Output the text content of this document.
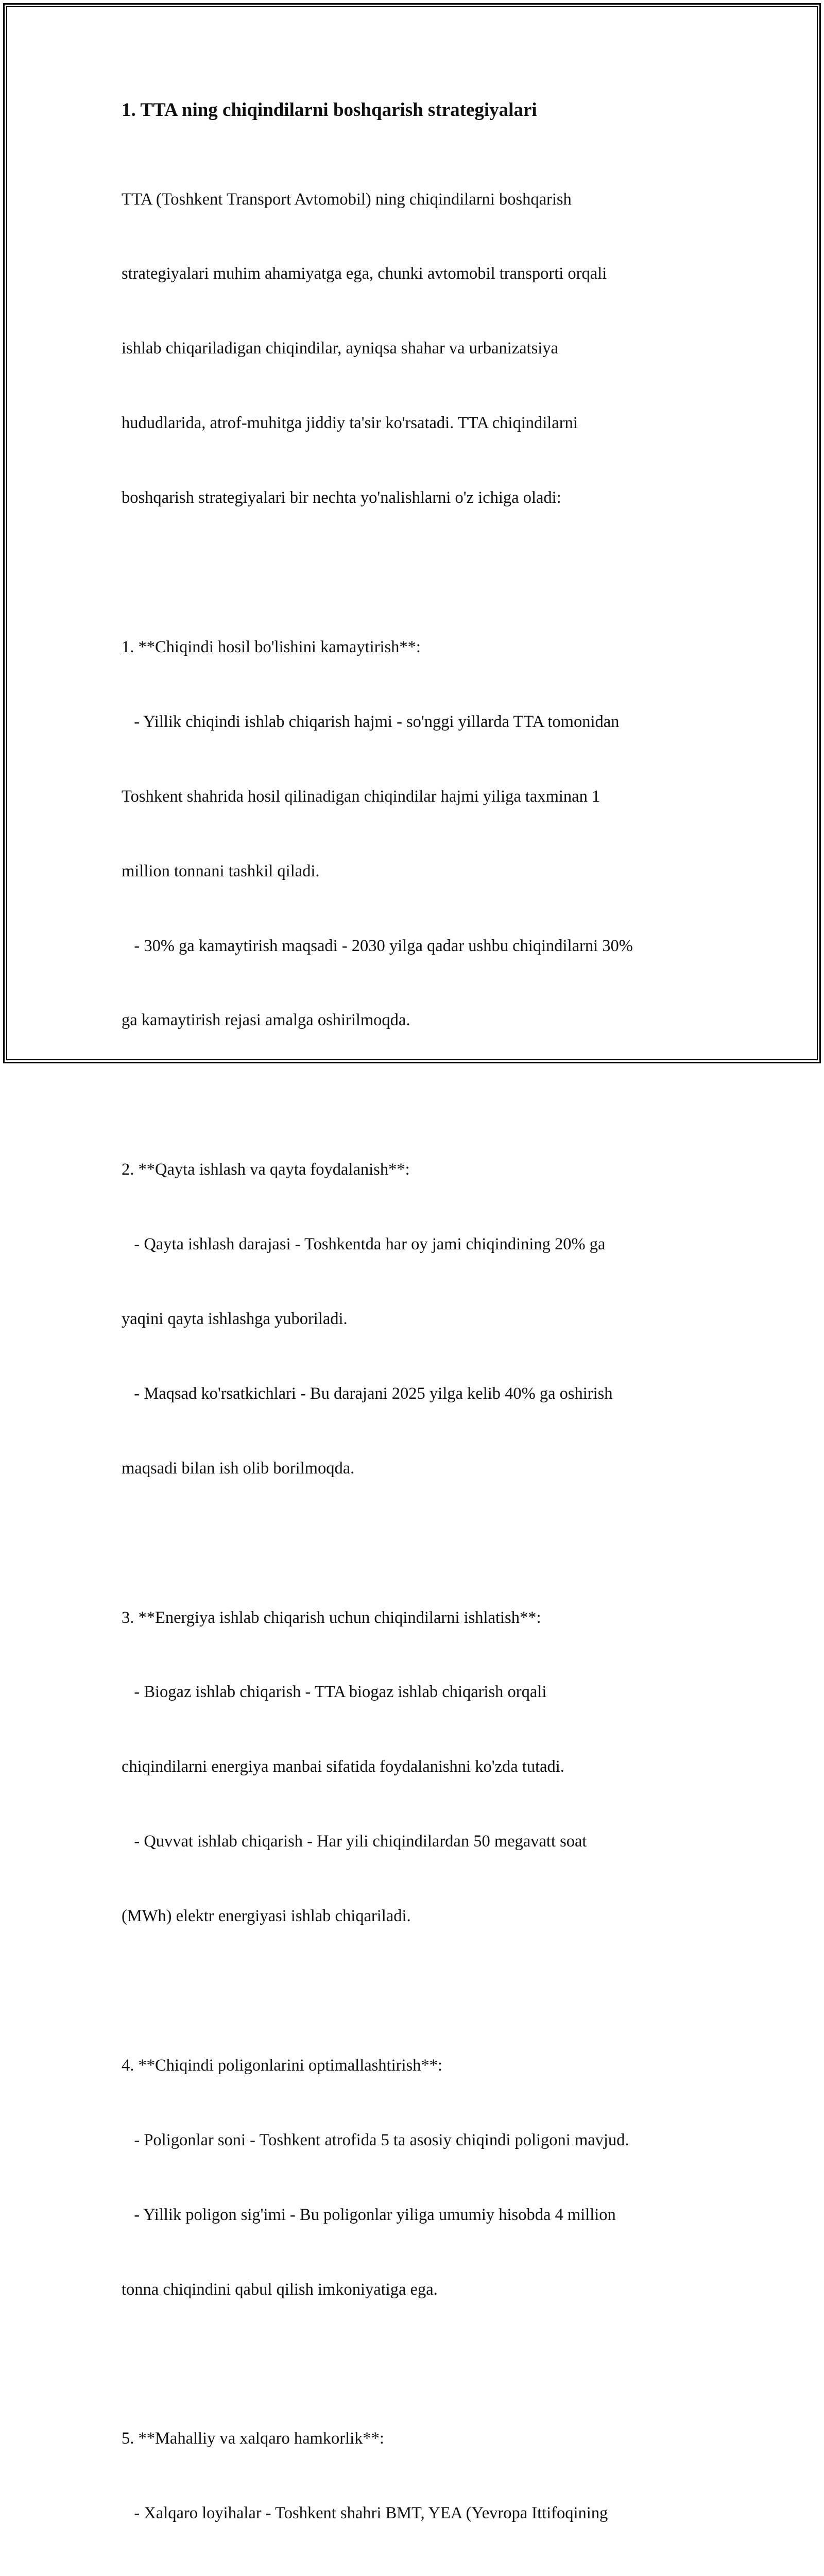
1. TTA ning chiqindilarni boshqarish strategiyalari

TTA (Toshkent Transport Avtomobil) ning chiqindilarni boshqarish

strategiyalari muhim ahamiyatga ega, chunki avtomobil transporti orqali

ishlab chiqariladigan chiqindilar, ayniqsa shahar va urbanizatsiya

hududlarida, atrof-muhitga jiddiy ta'sir ko'rsatadi. TTA chiqindilarni

boshqarish strategiyalari bir nechta yo'nalishlarni o'z ichiga oladi:

1. **Chiqindi hosil bo'lishini kamaytirish**:

- Yillik chiqindi ishlab chiqarish hajmi - so'nggi yillarda TTA tomonidan

Toshkent shahrida hosil qilinadigan chiqindilar hajmi yiliga taxminan 1

million tonnani tashkil qiladi.

- 30% ga kamaytirish maqsadi - 2030 yilga qadar ushbu chiqindilarni 30%

ga kamaytirish rejasi amalga oshirilmoqda.

2. **Qayta ishlash va qayta foydalanish**:

- Qayta ishlash darajasi - Toshkentda har oy jami chiqindining 20% ga

yaqini qayta ishlashga yuboriladi.

- Maqsad ko'rsatkichlari - Bu darajani 2025 yilga kelib 40% ga oshirish

maqsadi bilan ish olib borilmoqda.

3. **Energiya ishlab chiqarish uchun chiqindilarni ishlatish**:

- Biogaz ishlab chiqarish - TTA biogaz ishlab chiqarish orqali

chiqindilarni energiya manbai sifatida foydalanishni ko'zda tutadi.

- Quvvat ishlab chiqarish - Har yili chiqindilardan 50 megavatt soat

(MWh) elektr energiyasi ishlab chiqariladi.

4. **Chiqindi poligonlarini optimallashtirish**:

- Poligonlar soni - Toshkent atrofida 5 ta asosiy chiqindi poligoni mavjud.

- Yillik poligon sig'imi - Bu poligonlar yiliga umumiy hisobda 4 million

tonna chiqindini qabul qilish imkoniyatiga ega.

5. **Mahalliy va xalqaro hamkorlik**:

- Xalqaro loyihalar - Toshkent shahri BMT, YEA (Yevropa Ittifoqining
